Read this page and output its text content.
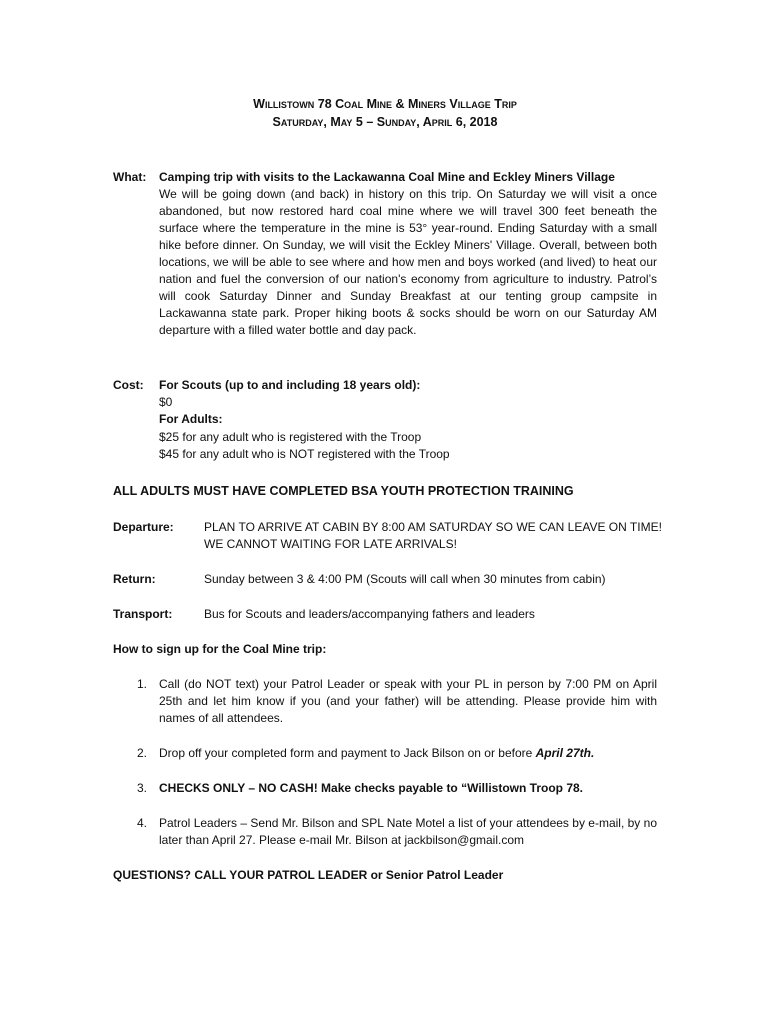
Willistown 78 Coal Mine & Miners Village Trip
Saturday, May 5 – Sunday, April 6, 2018
What: Camping trip with visits to the Lackawanna Coal Mine and Eckley Miners Village
We will be going down (and back) in history on this trip. On Saturday we will visit a once abandoned, but now restored hard coal mine where we will travel 300 feet beneath the surface where the temperature in the mine is 53° year-round. Ending Saturday with a small hike before dinner. On Sunday, we will visit the Eckley Miners' Village. Overall, between both locations, we will be able to see where and how men and boys worked (and lived) to heat our nation and fuel the conversion of our nation's economy from agriculture to industry. Patrol’s will cook Saturday Dinner and Sunday Breakfast at our tenting group campsite in Lackawanna state park. Proper hiking boots & socks should be worn on our Saturday AM departure with a filled water bottle and day pack.
Cost: For Scouts (up to and including 18 years old):
$0
For Adults:
$25 for any adult who is registered with the Troop
$45 for any adult who is NOT registered with the Troop
ALL ADULTS MUST HAVE COMPLETED BSA YOUTH PROTECTION TRAINING
Departure:	PLAN TO ARRIVE AT CABIN BY 8:00 AM SATURDAY SO WE CAN LEAVE ON TIME!
WE CANNOT WAITING FOR LATE ARRIVALS!
Return:	Sunday between 3 & 4:00 PM (Scouts will call when 30 minutes from cabin)
Transport:	Bus for Scouts and leaders/accompanying fathers and leaders
How to sign up for the Coal Mine trip:
1. Call (do NOT text) your Patrol Leader or speak with your PL in person by 7:00 PM on April 25th and let him know if you (and your father) will be attending. Please provide him with names of all attendees.
2. Drop off your completed form and payment to Jack Bilson on or before April 27th.
3. CHECKS ONLY – NO CASH! Make checks payable to “Willistown Troop 78.
4. Patrol Leaders – Send Mr. Bilson and SPL Nate Motel a list of your attendees by e-mail, by no later than April 27. Please e-mail Mr. Bilson at jackbilson@gmail.com
QUESTIONS? CALL YOUR PATROL LEADER or Senior Patrol Leader
